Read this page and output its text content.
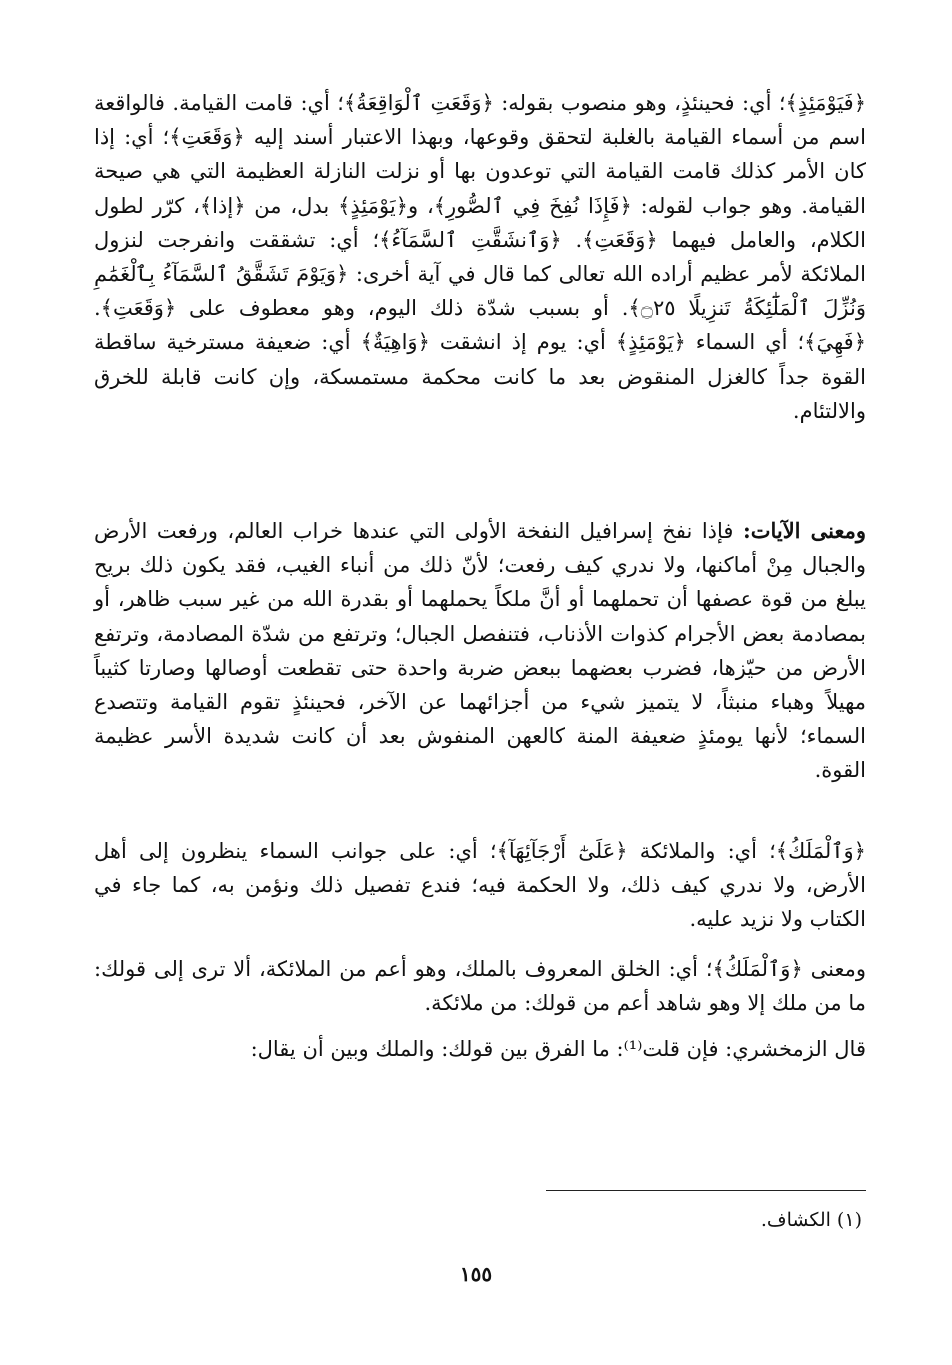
﴿فَيَوْمَئِذٍ﴾؛ أي: فحينئذٍ، وهو منصوب بقوله: ﴿وَقَعَتِ ٱلْوَاقِعَةُ﴾؛ أي: قامت القيامة. فالواقعة اسم من أسماء القيامة بالغلبة لتحقق وقوعها، وبهذا الاعتبار أسند إليه ﴿وَقَعَتِ﴾؛ أي: إذا كان الأمر كذلك قامت القيامة التي توعدون بها أو نزلت النازلة العظيمة التي هي صيحة القيامة. وهو جواب لقوله: ﴿فَإِذَا نُفِخَ فِي ٱلصُّورِ﴾، و﴿يَوْمَئِذٍ﴾ بدل، من ﴿إذا﴾، كرّر لطول الكلام، والعامل فيهما ﴿وَقَعَتِ﴾. ﴿وَٱنشَقَّتِ ٱلسَّمَآءُ﴾؛ أي: تشققت وانفرجت لنزول الملائكة لأمر عظيم أراده الله تعالى كما قال في آية أخرى: ﴿وَيَوْمَ تَشَقَّقُ ٱلسَّمَآءُ بِٱلْغَمَٰمِ وَنُزِّلَ ٱلْمَلَٰٓئِكَةُ تَنزِيلًا ۝٢٥﴾. أو بسبب شدّة ذلك اليوم، وهو معطوف على ﴿وَقَعَتِ﴾. ﴿فَهِيَ﴾؛ أي السماء ﴿يَوْمَئِذٍ﴾ أي: يوم إذ انشقت ﴿وَاهِيَةٌ﴾ أي: ضعيفة مسترخية ساقطة القوة جداً كالغزل المنقوض بعد ما كانت محكمة مستمسكة، وإن كانت قابلة للخرق والالتئام.

ومعنى الآيات: فإذا نفخ إسرافيل النفخة الأولى التي عندها خراب العالم، ورفعت الأرض والجبال مِنْ أماكنها، ولا ندري كيف رفعت؛ لأنّ ذلك من أنباء الغيب، فقد يكون ذلك بريح يبلغ من قوة عصفها أن تحملهما أو أنَّ ملكاً يحملهما أو بقدرة الله من غير سبب ظاهر، أو بمصادمة بعض الأجرام كذوات الأذناب، فتنفصل الجبال؛ وترتفع من شدّة المصادمة، وترتفع الأرض من حيّزها، فضرب بعضهما ببعض ضربة واحدة حتى تقطعت أوصالها وصارتا كثيباً مهيلاً وهباء منبثاً، لا يتميز شيء من أجزائهما عن الآخر، فحينئذٍ تقوم القيامة وتتصدع السماء؛ لأنها يومئذٍ ضعيفة المنة كالعهن المنفوش بعد أن كانت شديدة الأسر عظيمة القوة.

﴿وَٱلْمَلَكُ﴾؛ أي: والملائكة ﴿عَلَىٰٓ أَرْجَآئِهَآ﴾؛ أي: على جوانب السماء ينظرون إلى أهل الأرض، ولا ندري كيف ذلك، ولا الحكمة فيه؛ فندع تفصيل ذلك ونؤمن به، كما جاء في الكتاب ولا نزيد عليه.

ومعنى ﴿وَٱلْمَلَكُ﴾؛ أي: الخلق المعروف بالملك، وهو أعم من الملائكة، ألا ترى إلى قولك: ما من ملك إلا وهو شاهد أعم من قولك: من ملائكة.

قال الزمخشري: فإن قلت⁽¹⁾: ما الفرق بين قولك: والملك وبين أن يقال:

(١) الكشاف.
١٥٥
